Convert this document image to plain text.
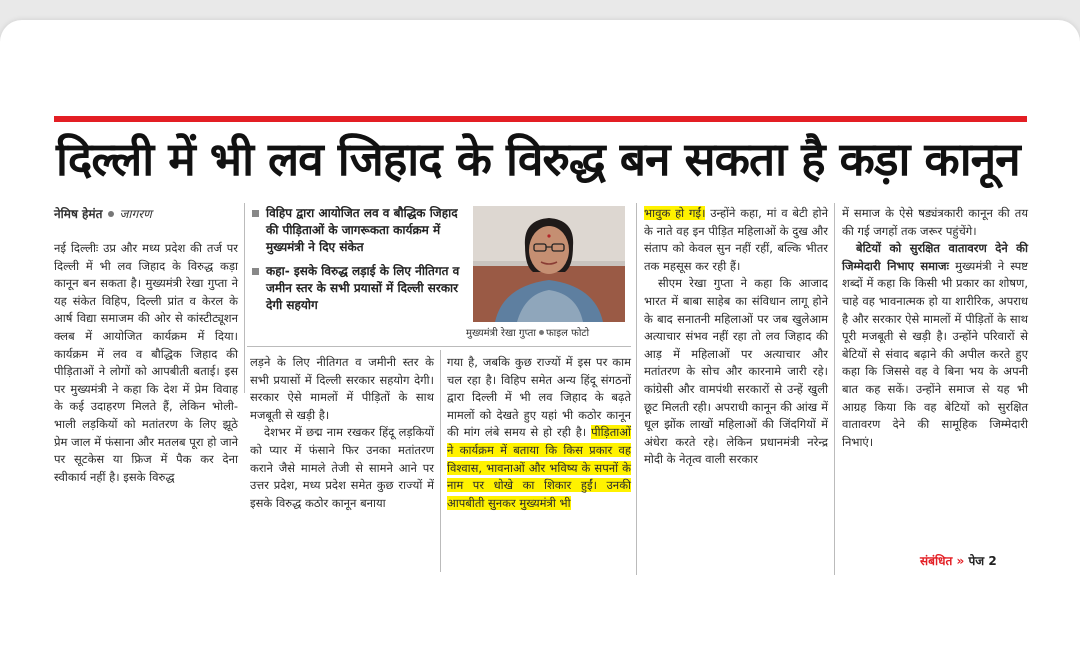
दिल्ली में भी लव जिहाद के विरुद्ध बन सकता है कड़ा कानून
नेमिष हेमंत जागरण

नई दिल्लीः उप्र और मध्य प्रदेश की तर्ज पर दिल्ली में भी लव जिहाद के विरुद्ध कड़ा कानून बन सकता है। मुख्यमंत्री रेखा गुप्ता ने यह संकेत विहिप, दिल्ली प्रांत व केरल के आर्ष विद्या समाजम की ओर से कांस्टीट्यूशन क्लब में आयोजित कार्यक्रम में दिया। कार्यक्रम में लव व बौद्धिक जिहाद की पीड़िताओं ने लोगों को आपबीती बताई। इस पर मुख्यमंत्री ने कहा कि देश में प्रेम विवाह के कई उदाहरण मिलते हैं, लेकिन भोली-भाली लड़कियों को मतांतरण के लिए झूठे प्रेम जाल में फंसाना और मतलब पूरा हो जाने पर सूटकेस या फ्रिज में पैक कर देना स्वीकार्य नहीं है। इसके विरुद्ध

विहिप द्वारा आयोजित लव व बौद्धिक जिहाद की पीड़िताओं के जागरूकता कार्यक्रम में मुख्यमंत्री ने दिए संकेत
कहा- इसके विरुद्ध लड़ाई के लिए नीतिगत व जमीन स्तर के सभी प्रयासों में दिल्ली सरकार देगी सहयोग
मुख्यमंत्री रेखा गुप्ता फाइल फोटो

लड़ने के लिए नीतिगत व जमीनी स्तर के सभी प्रयासों में दिल्ली सरकार सहयोग देगी। सरकार ऐसे मामलों में पीड़ितों के साथ मजबूती से खड़ी है।

देशभर में छद्म नाम रखकर हिंदू लड़कियों को प्यार में फंसाने फिर उनका मतांतरण कराने जैसे मामले तेजी से सामने आने पर उत्तर प्रदेश, मध्य प्रदेश समेत कुछ राज्यों में इसके विरुद्ध कठोर कानून बनाया

गया है, जबकि कुछ राज्यों में इस पर काम चल रहा है। विहिप समेत अन्य हिंदू संगठनों द्वारा दिल्ली में भी लव जिहाद के बढ़ते मामलों को देखते हुए यहां भी कठोर कानून की मांग लंबे समय से हो रही है। पीड़िताओं ने कार्यक्रम में बताया कि किस प्रकार वह विश्वास, भावनाओं और भविष्य के सपनों के नाम पर धोखे का शिकार हुईं। उनकी आपबीती सुनकर मुख्यमंत्री भी

भावुक हो गईं। उन्होंने कहा, मां व बेटी होने के नाते वह इन पीड़ित महिलाओं के दुख और संताप को केवल सुन नहीं रहीं, बल्कि भीतर तक महसूस कर रही हैं।

सीएम रेखा गुप्ता ने कहा कि आजाद भारत में बाबा साहेब का संविधान लागू होने के बाद सनातनी महिलाओं पर जब खुलेआम अत्याचार संभव नहीं रहा तो लव जिहाद की आड़ में महिलाओं पर अत्याचार और मतांतरण के सोच और कारनामे जारी रहे। कांग्रेसी और वामपंथी सरकारों से उन्हें खुली छूट मिलती रही। अपराधी कानून की आंख में धूल झोंक लाखों महिलाओं की जिंदगियों में अंधेरा करते रहे। लेकिन प्रधानमंत्री नरेन्द्र मोदी के नेतृत्व वाली सरकार

में समाज के ऐसे षड्यंत्रकारी कानून की तय की गई जगहों तक जरूर पहुंचेंगे।

बेटियों को सुरक्षित वातावरण देने की जिम्मेदारी निभाए समाजः मुख्यमंत्री ने स्पष्ट शब्दों में कहा कि किसी भी प्रकार का शोषण, चाहे वह भावनात्मक हो या शारीरिक, अपराध है और सरकार ऐसे मामलों में पीड़ितों के साथ पूरी मजबूती से खड़ी है। उन्होंने परिवारों से बेटियों से संवाद बढ़ाने की अपील करते हुए कहा कि जिससे वह वे बिना भय के अपनी बात कह सकें। उन्होंने समाज से यह भी आग्रह किया कि वह बेटियों को सुरक्षित वातावरण देने की सामूहिक जिम्मेदारी निभाएं।

संबंधित » पेज 2
